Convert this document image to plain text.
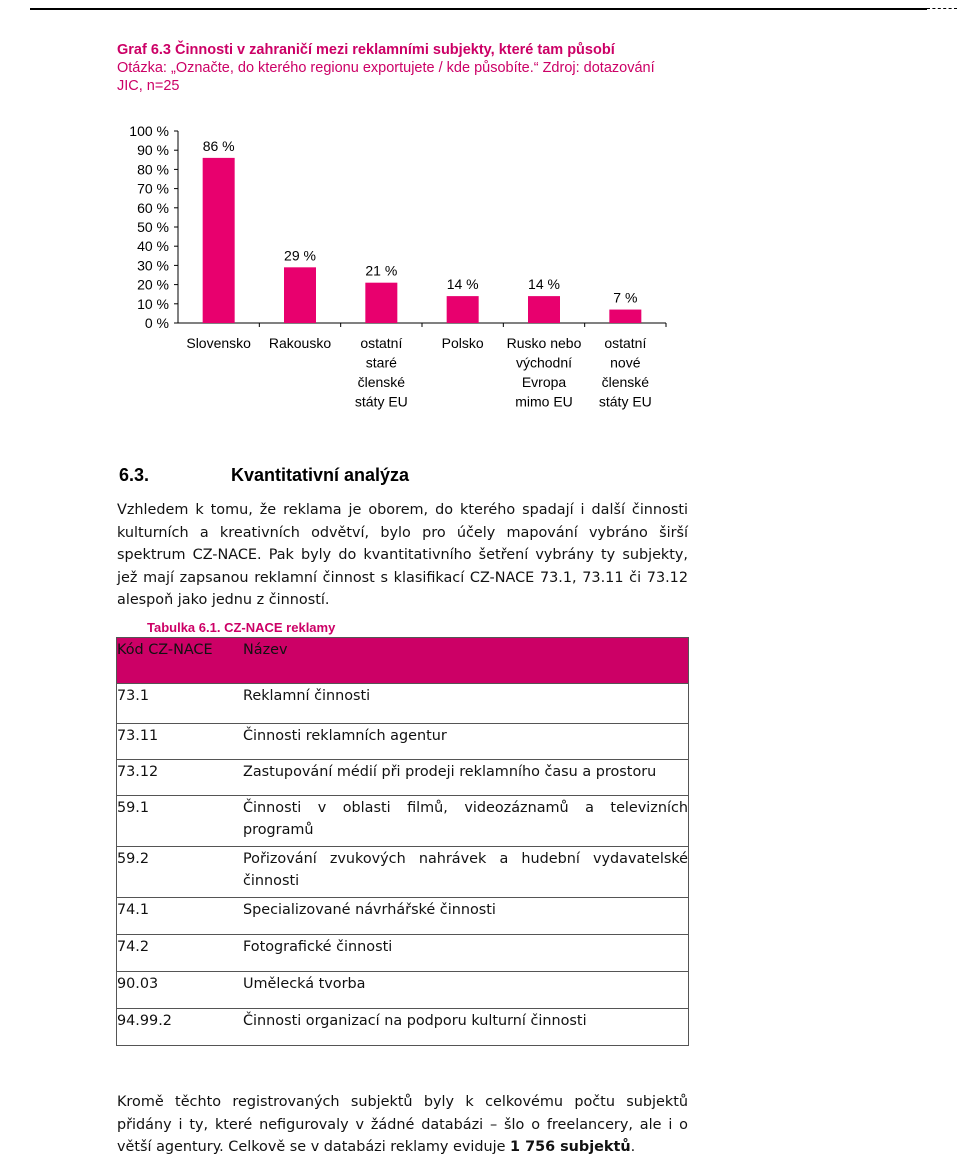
Graf 6.3 Činnosti v zahraničí mezi reklamními subjekty, které tam působí
Otázka: „Označte, do kterého regionu exportujete / kde působíte.“ Zdroj: dotazování JIC, n=25
0 %
10 %
20 %
30 %
40 %
50 %
60 %
70 %
80 %
90 %
100 %
86 %
Slovensko
29 %
Rakousko
21 %
ostatní staré členské státy EU
14 %
Polsko
14 %
Rusko nebo východní Evropa mimo EU
7 %
ostatní nové členské státy EU
6.3.	Kvantitativní analýza
Vzhledem k tomu, že reklama je oborem, do kterého spadají i další činnosti kulturních a kreativních odvětví, bylo pro účely mapování vybráno širší spektrum CZ-NACE. Pak byly do kvantitativního šetření vybrány ty subjekty, jež mají zapsanou reklamní činnost s klasifikací CZ-NACE 73.1, 73.11 či 73.12 alespoň jako jednu z činností.
Tabulka 6.1. CZ-NACE reklamy
Kód CZ-NACE	Název
73.1	Reklamní činnosti
73.11	Činnosti reklamních agentur
73.12	Zastupování médií při prodeji reklamního času a prostoru
59.1	Činnosti v oblasti filmů, videozáznamů a televizních programů
59.2	Pořizování zvukových nahrávek a hudební vydavatelské činnosti
74.1	Specializované návrhářské činnosti
74.2	Fotografické činnosti
90.03	Umělecká tvorba
94.99.2	Činnosti organizací na podporu kulturní činnosti
Kromě těchto registrovaných subjektů byly k celkovému počtu subjektů přidány i ty, které nefigurovaly v žádné databázi – šlo o freelancery, ale i o větší agentury. Celkově se v databázi reklamy eviduje 1 756 subjektů.
